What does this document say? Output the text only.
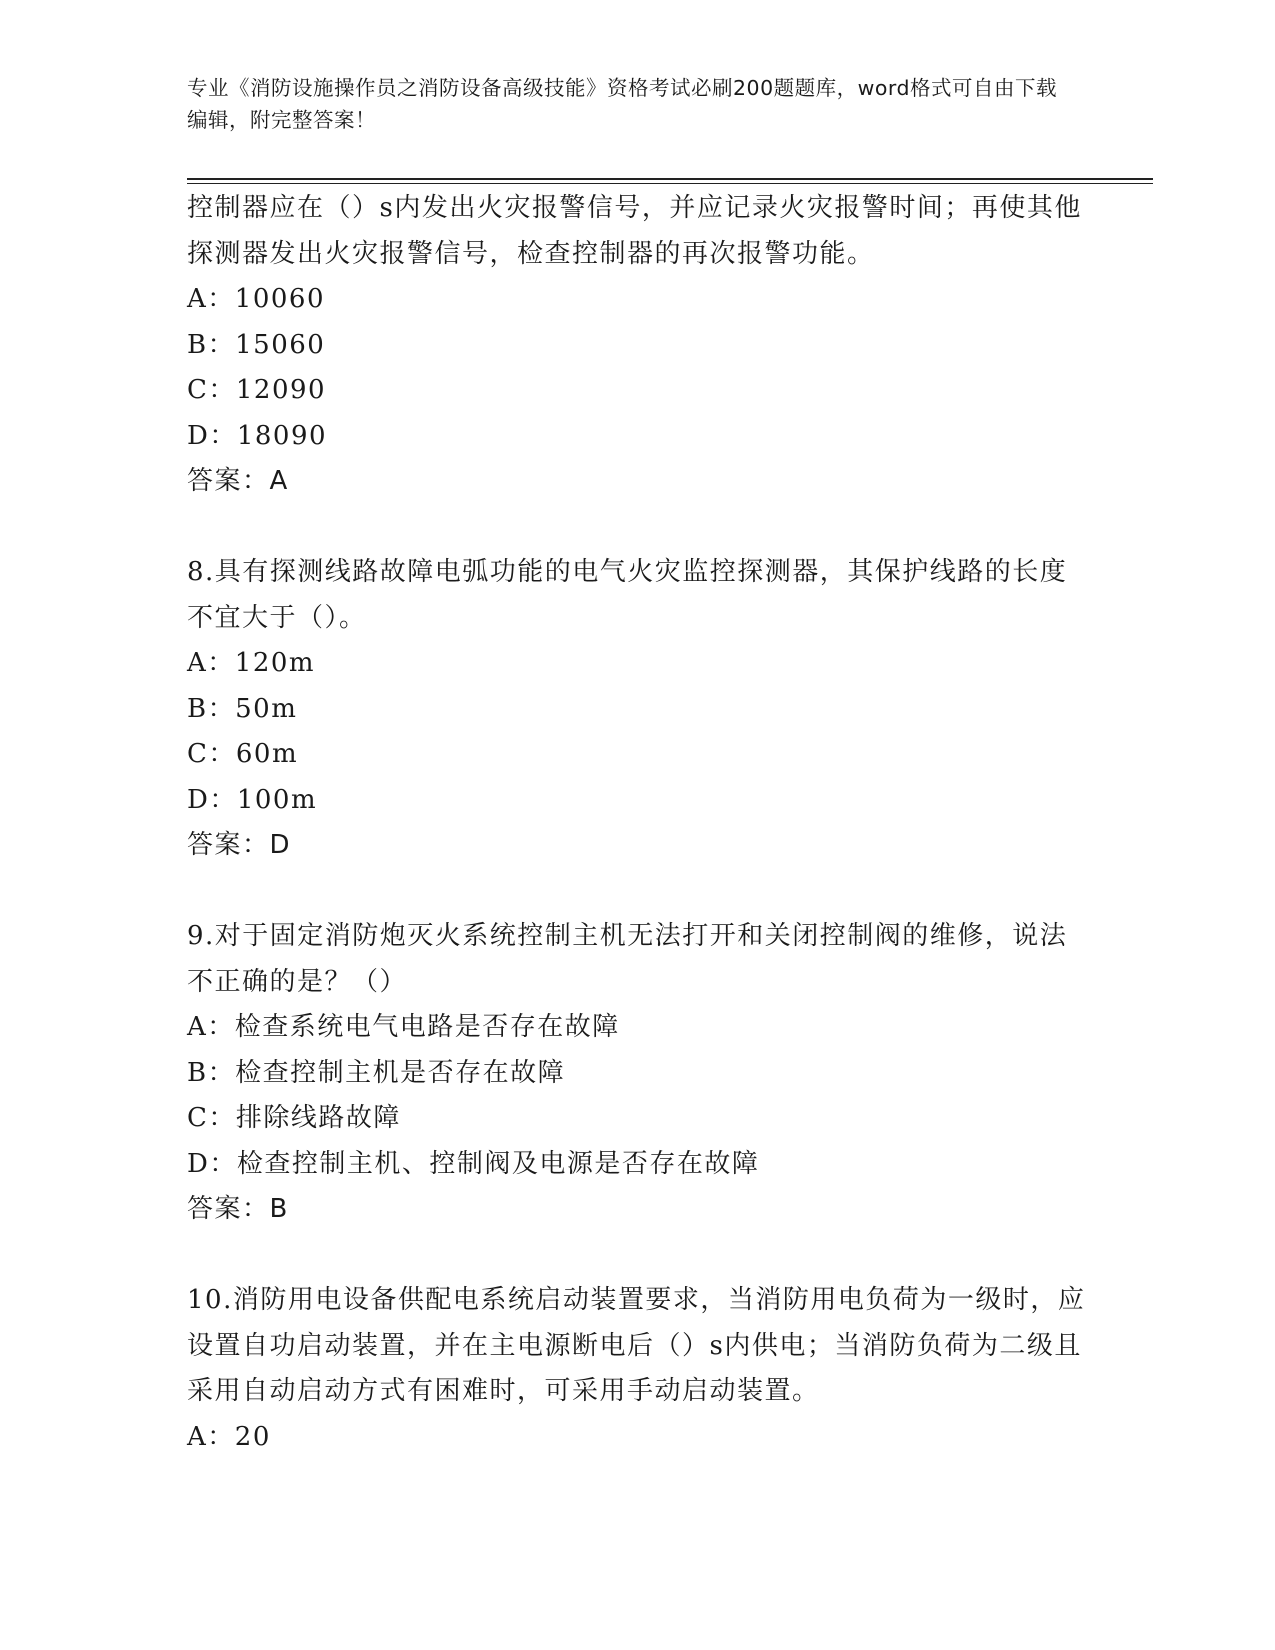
专业《消防设施操作员之消防设备高级技能》资格考试必刷200题题库，word格式可自由下载编辑，附完整答案！
控制器应在（）s内发出火灾报警信号，并应记录火灾报警时间；再使其他探测器发出火灾报警信号，检查控制器的再次报警功能。
A：10060
B：15060
C：12090
D：18090
答案：A
8.具有探测线路故障电弧功能的电气火灾监控探测器，其保护线路的长度不宜大于（）。
A：120m
B：50m
C：60m
D：100m
答案：D
9.对于固定消防炮灭火系统控制主机无法打开和关闭控制阀的维修，说法不正确的是？（）
A：检查系统电气电路是否存在故障
B：检查控制主机是否存在故障
C：排除线路故障
D：检查控制主机、控制阀及电源是否存在故障
答案：B
10.消防用电设备供配电系统启动装置要求，当消防用电负荷为一级时，应设置自功启动装置，并在主电源断电后（）s内供电；当消防负荷为二级且采用自动启动方式有困难时，可采用手动启动装置。
A：20
